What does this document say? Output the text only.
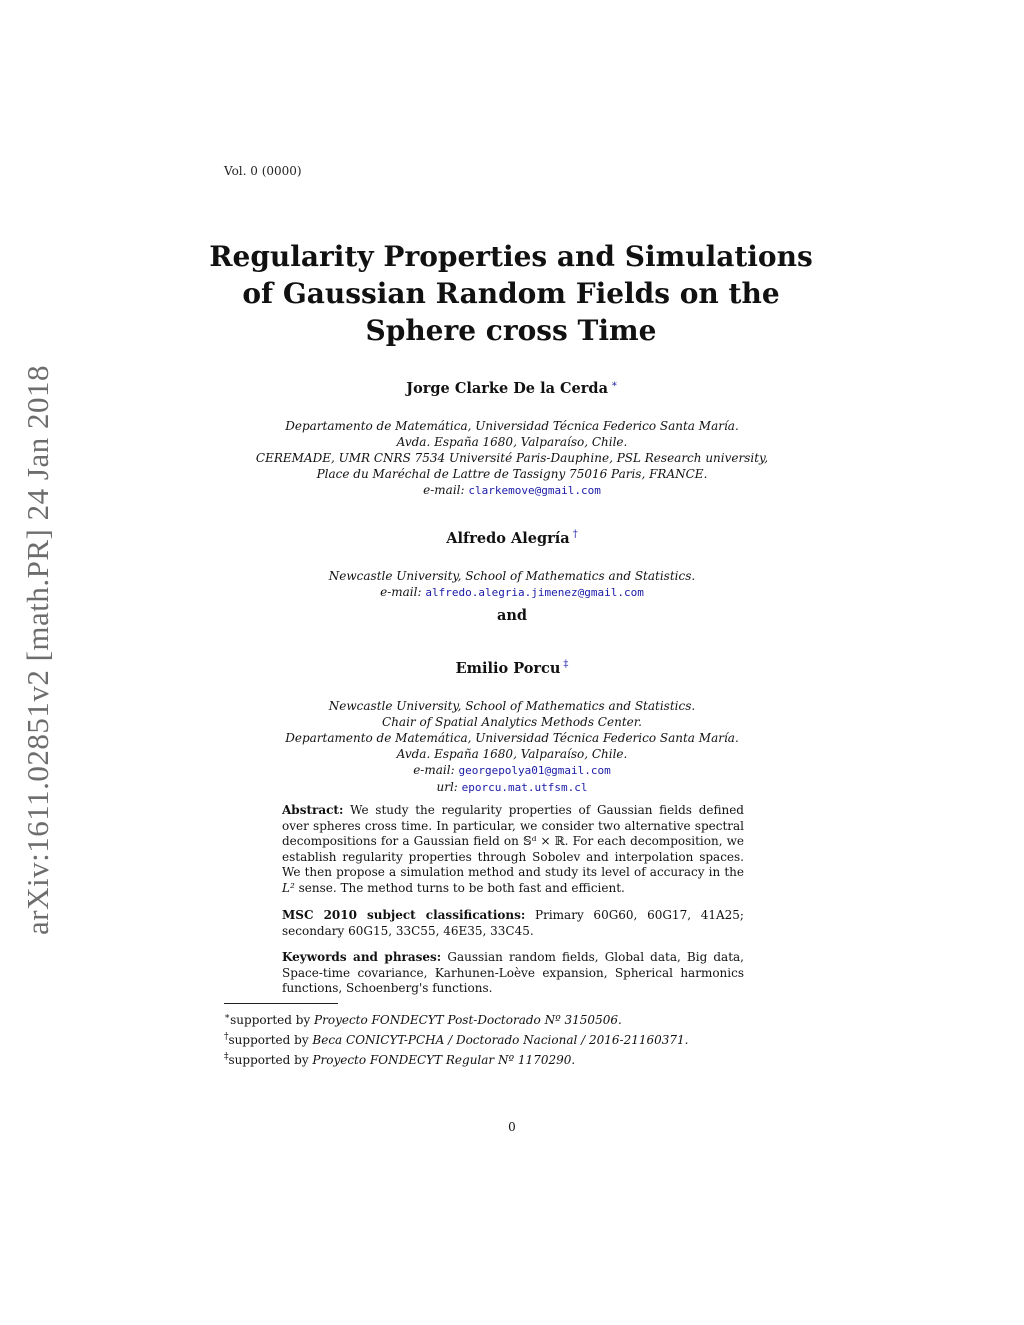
arXiv:1611.02851v2 [math.PR] 24 Jan 2018
Vol. 0 (0000)
Regularity Properties and Simulations
of Gaussian Random Fields on the
Sphere cross Time
Jorge Clarke De la Cerda ∗
Departamento de Matemática, Universidad Técnica Federico Santa María.
Avda. España 1680, Valparaíso, Chile.
CEREMADE, UMR CNRS 7534 Université Paris-Dauphine, PSL Research university,
Place du Maréchal de Lattre de Tassigny 75016 Paris, FRANCE.
e-mail: clarkemove@gmail.com
Alfredo Alegría †
Newcastle University, School of Mathematics and Statistics.
e-mail: alfredo.alegria.jimenez@gmail.com
and
Emilio Porcu ‡
Newcastle University, School of Mathematics and Statistics.
Chair of Spatial Analytics Methods Center.
Departamento de Matemática, Universidad Técnica Federico Santa María.
Avda. España 1680, Valparaíso, Chile.
e-mail: georgepolya01@gmail.com
url: eporcu.mat.utfsm.cl

Abstract: We study the regularity properties of Gaussian fields defined over spheres cross time. In particular, we consider two alternative spectral decompositions for a Gaussian field on 𝕊ᵈ × ℝ. For each decomposition, we establish regularity properties through Sobolev and interpolation spaces. We then propose a simulation method and study its level of accuracy in the L² sense. The method turns to be both fast and efficient.

MSC 2010 subject classifications: Primary 60G60, 60G17, 41A25; secondary 60G15, 33C55, 46E35, 33C45.

Keywords and phrases: Gaussian random fields, Global data, Big data, Space-time covariance, Karhunen-Loève expansion, Spherical harmonics functions, Schoenberg's functions.

∗supported by Proyecto FONDECYT Post-Doctorado Nº 3150506.
†supported by Beca CONICYT-PCHA / Doctorado Nacional / 2016-21160371.
‡supported by Proyecto FONDECYT Regular Nº 1170290.
0
